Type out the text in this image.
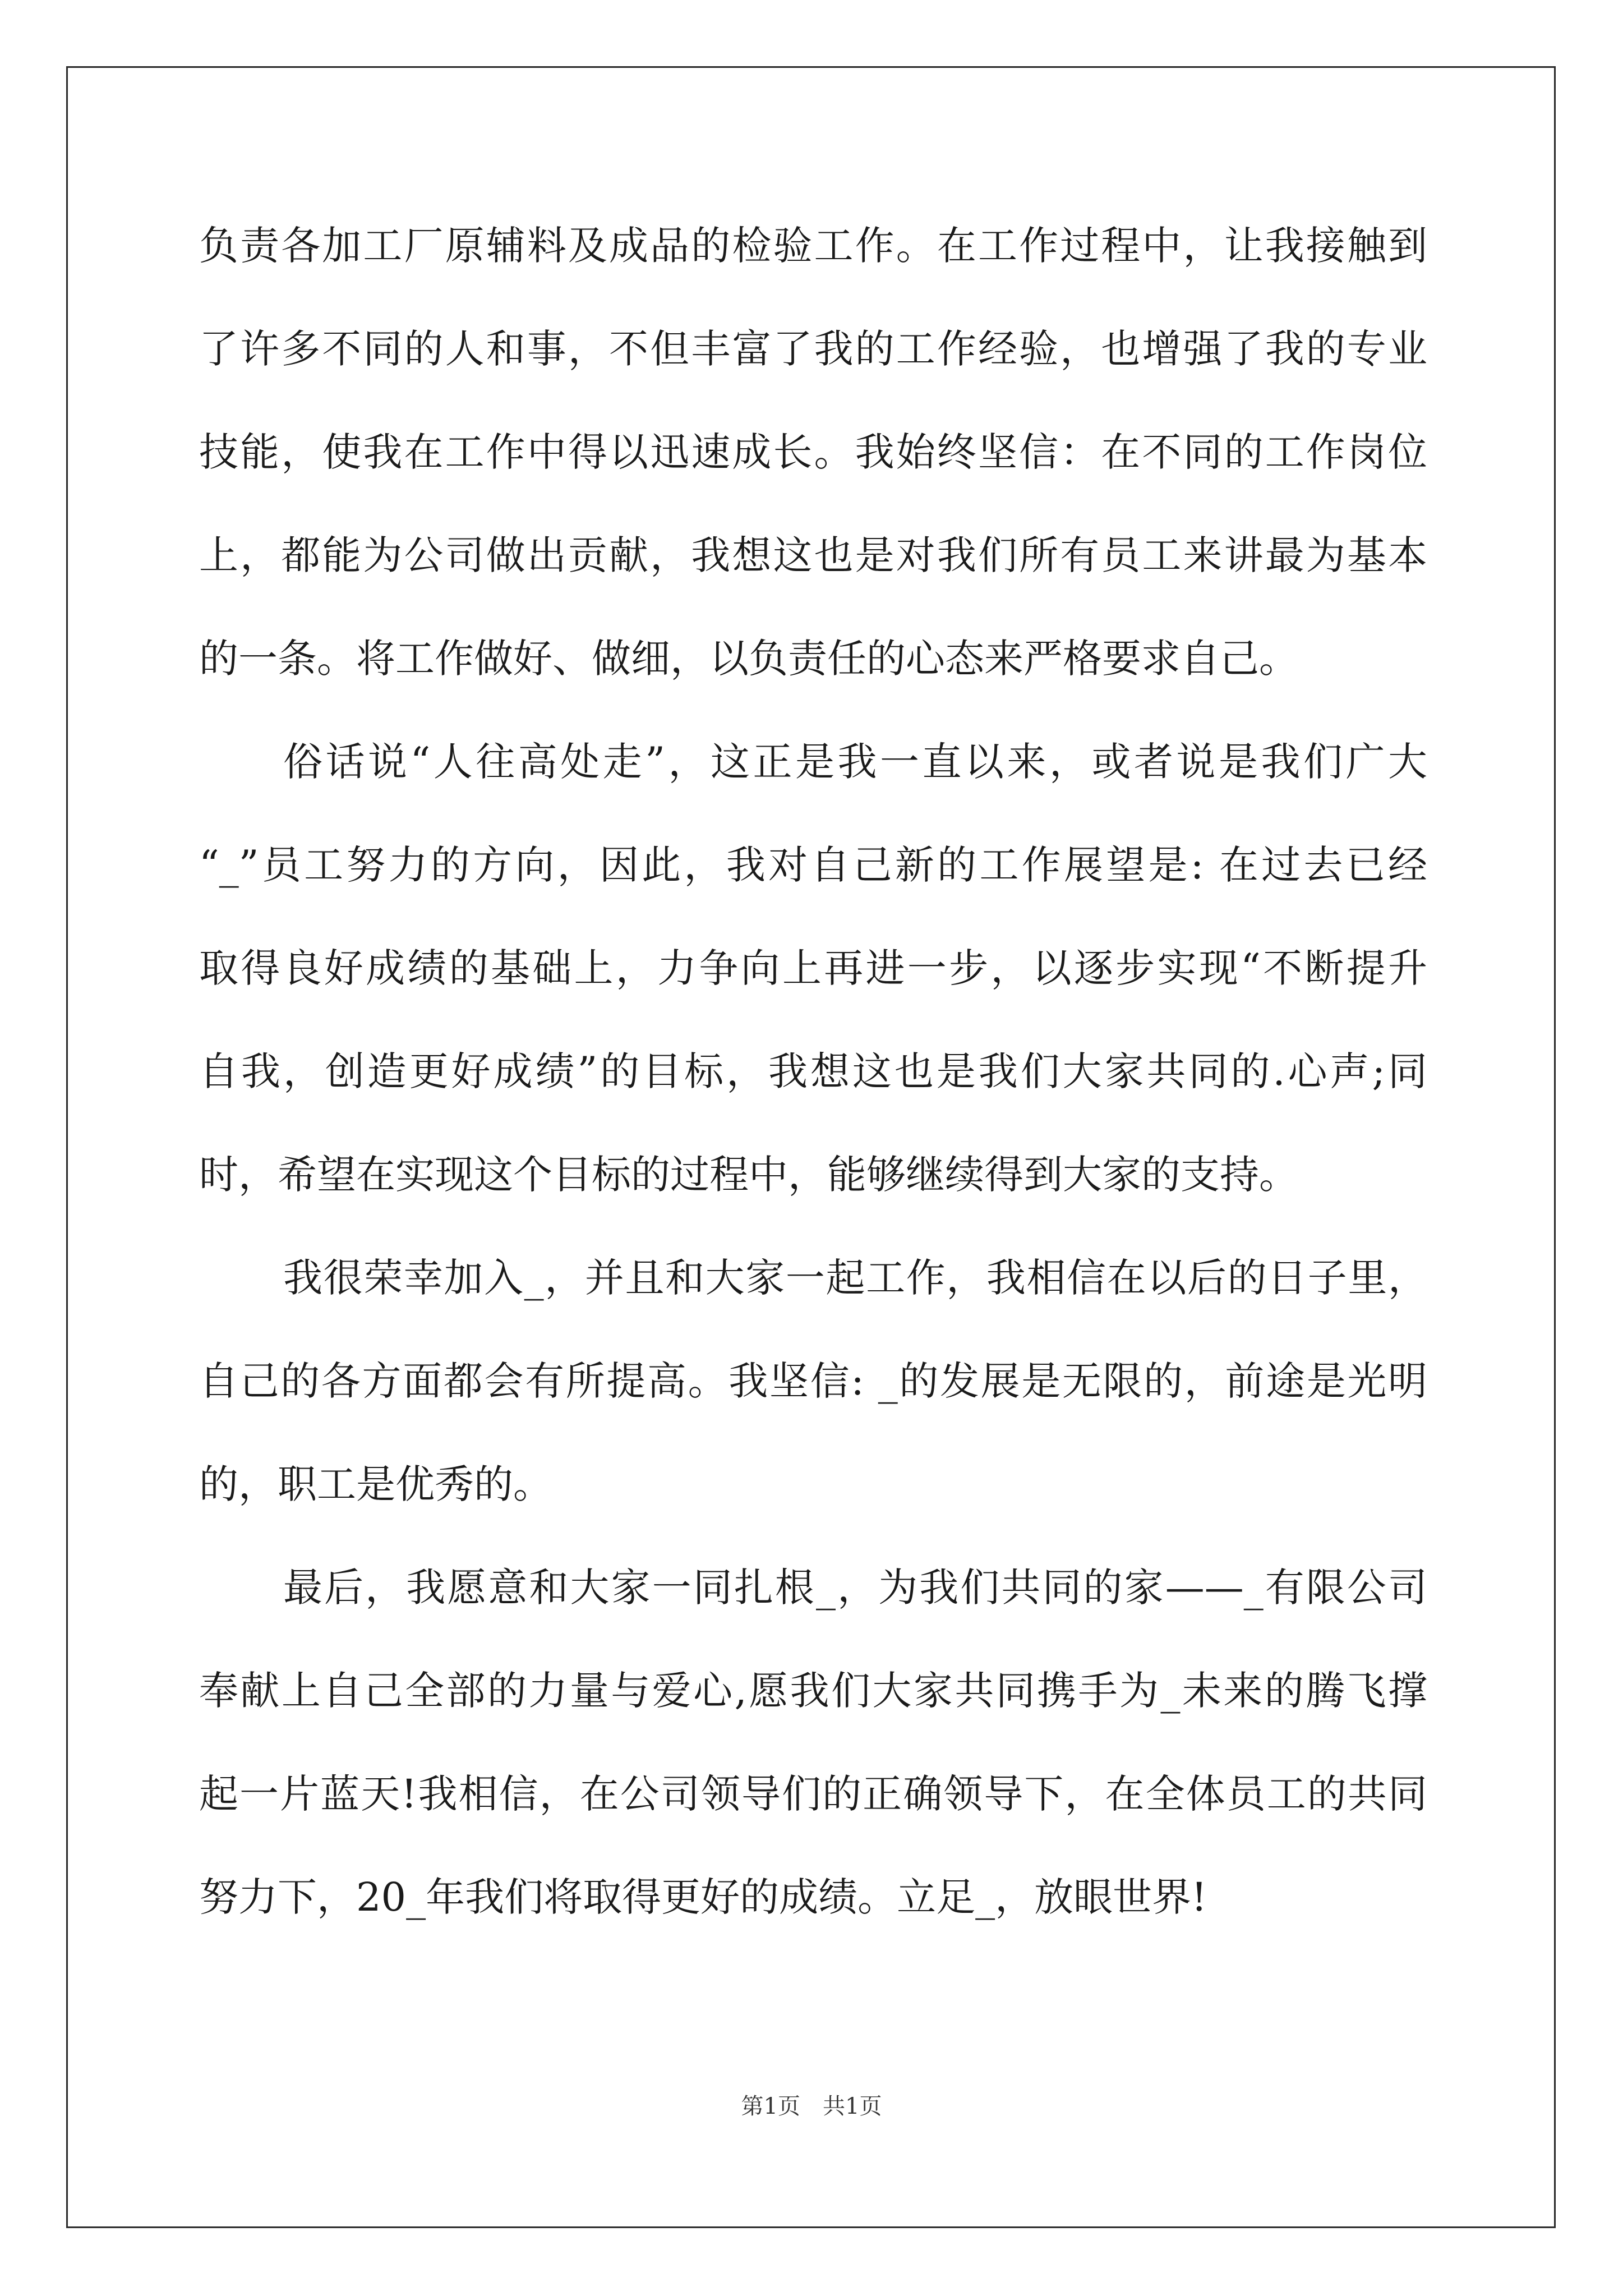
负责各加工厂原辅料及成品的检验工作。在工作过程中，让我接触到
了许多不同的人和事，不但丰富了我的工作经验，也增强了我的专业
技能，使我在工作中得以迅速成长。我始终坚信：在不同的工作岗位
上，都能为公司做出贡献，我想这也是对我们所有员工来讲最为基本
的一条。将工作做好、做细，以负责任的心态来严格要求自己。
俗话说“人往高处走”，这正是我一直以来，或者说是我们广大
“_”员工努力的方向，因此，我对自己新的工作展望是: 在过去已经
取得良好成绩的基础上，力争向上再进一步，以逐步实现“不断提升
自我，创造更好成绩”的目标，我想这也是我们大家共同的.心声;同
时，希望在实现这个目标的过程中，能够继续得到大家的支持。
我很荣幸加入_，并且和大家一起工作，我相信在以后的日子里，
自己的各方面都会有所提高。我坚信: _的发展是无限的，前途是光明
的，职工是优秀的。
最后，我愿意和大家一同扎根_，为我们共同的家——_有限公司
奉献上自己全部的力量与爱心,愿我们大家共同携手为_未来的腾飞撑
起一片蓝天!我相信，在公司领导们的正确领导下，在全体员工的共同
努力下，20_年我们将取得更好的成绩。立足_，放眼世界!
第1页 共1页
